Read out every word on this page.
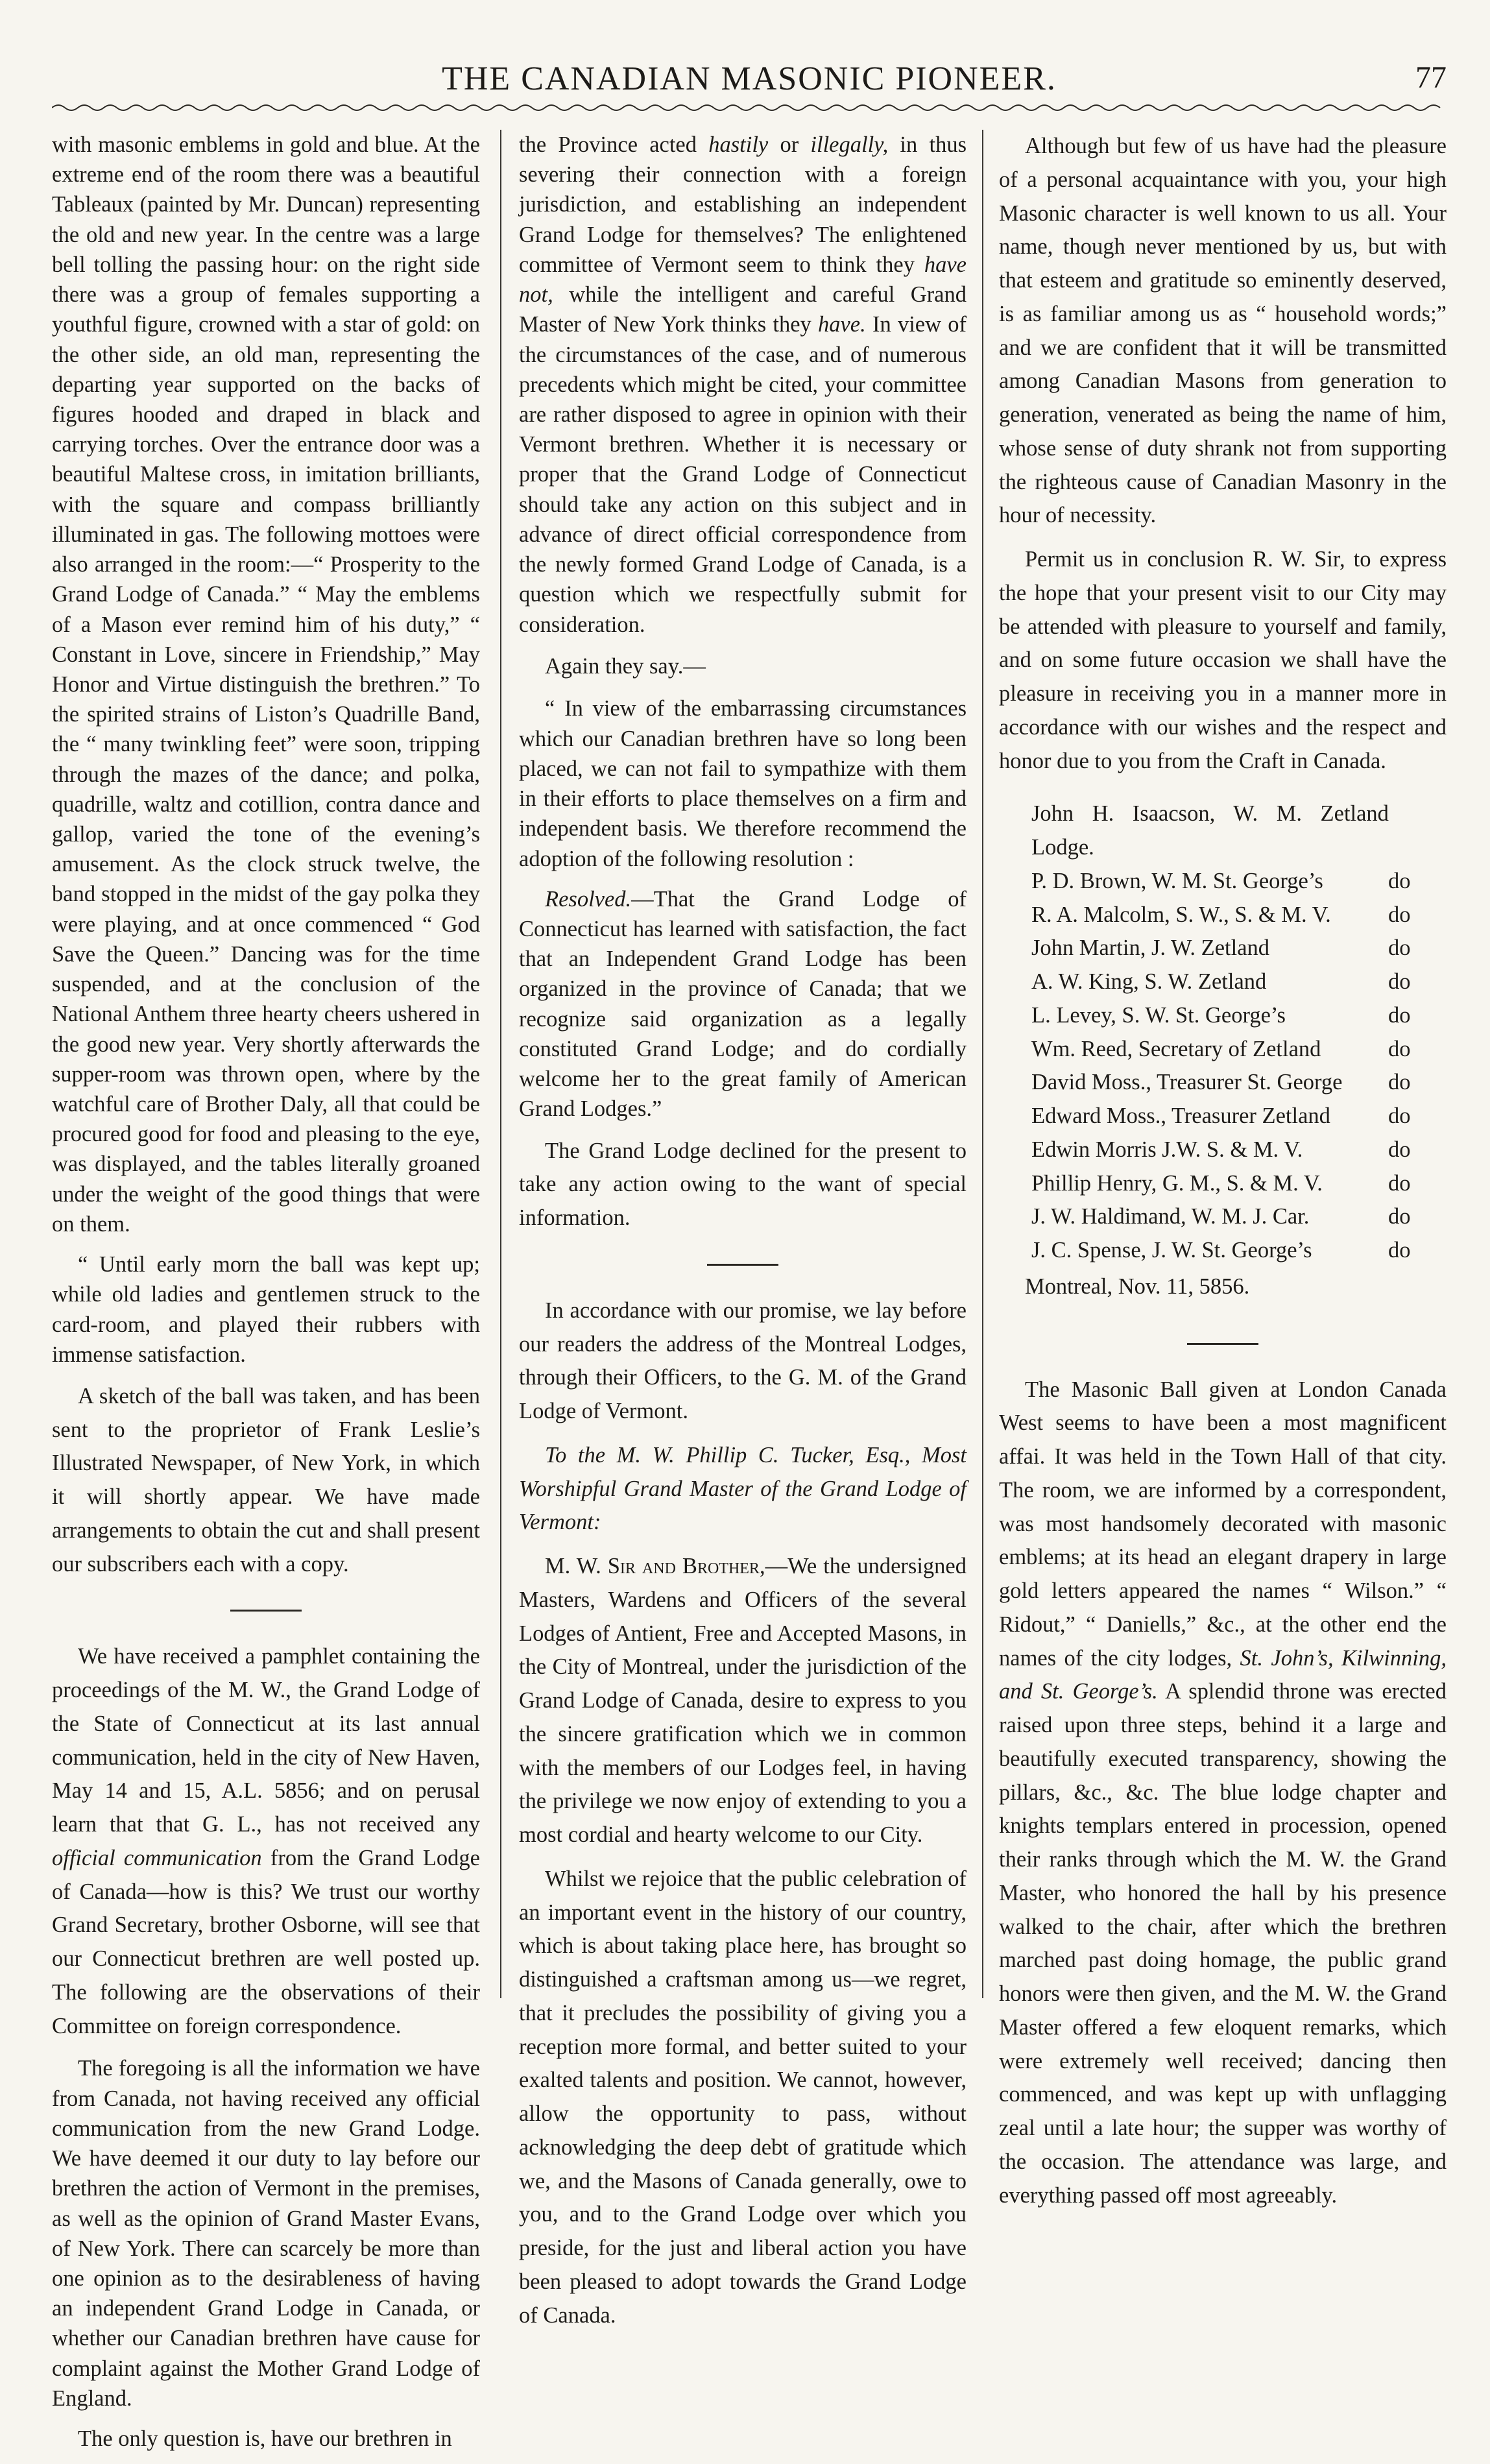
THE CANADIAN MASONIC PIONEER.	77

with masonic emblems in gold and blue. At the extreme end of the room there was a beautiful Tableaux (painted by Mr. Duncan) representing the old and new year. In the centre was a large bell tolling the passing hour: on the right side there was a group of females supporting a youthful figure, crowned with a star of gold: on the other side, an old man, representing the departing year supported on the backs of figures hooded and draped in black and carrying torches. Over the entrance door was a beautiful Maltese cross, in imitation brilliants, with the square and compass brilliantly illuminated in gas. The following mottoes were also arranged in the room:—“ Prosperity to the Grand Lodge of Canada.” “ May the emblems of a Mason ever remind him of his duty,” “ Constant in Love, sincere in Friendship,” May Honor and Virtue distinguish the brethren.” To the spirited strains of Liston’s Quadrille Band, the “ many twinkling feet” were soon, tripping through the mazes of the dance; and polka, quadrille, waltz and cotillion, contra dance and gallop, varied the tone of the evening’s amusement. As the clock struck twelve, the band stopped in the midst of the gay polka they were playing, and at once commenced “ God Save the Queen.” Dancing was for the time suspended, and at the conclusion of the National Anthem three hearty cheers ushered in the good new year. Very shortly afterwards the supper-room was thrown open, where by the watchful care of Brother Daly, all that could be procured good for food and pleasing to the eye, was displayed, and the tables literally groaned under the weight of the good things that were on them.

“ Until early morn the ball was kept up; while old ladies and gentlemen struck to the card-room, and played their rubbers with immense satisfaction.

A sketch of the ball was taken, and has been sent to the proprietor of Frank Leslie’s Illustrated Newspaper, of New York, in which it will shortly appear. We have made arrangements to obtain the cut and shall present our subscribers each with a copy.

We have received a pamphlet containing the proceedings of the M. W., the Grand Lodge of the State of Connecticut at its last annual communication, held in the city of New Haven, May 14 and 15, A.L. 5856; and on perusal learn that that G. L., has not received any official communication from the Grand Lodge of Canada—how is this? We trust our worthy Grand Secretary, brother Osborne, will see that our Connecticut brethren are well posted up. The following are the observations of their Committee on foreign correspondence.

The foregoing is all the information we have from Canada, not having received any official communication from the new Grand Lodge. We have deemed it our duty to lay before our brethren the action of Vermont in the premises, as well as the opinion of Grand Master Evans, of New York. There can scarcely be more than one opinion as to the desirableness of having an independent Grand Lodge in Canada, or whether our Canadian brethren have cause for complaint against the Mother Grand Lodge of England.

The only question is, have our brethren in

the Province acted hastily or illegally, in thus severing their connection with a foreign jurisdiction, and establishing an independent Grand Lodge for themselves? The enlightened committee of Vermont seem to think they have not, while the intelligent and careful Grand Master of New York thinks they have. In view of the circumstances of the case, and of numerous precedents which might be cited, your committee are rather disposed to agree in opinion with their Vermont brethren. Whether it is necessary or proper that the Grand Lodge of Connecticut should take any action on this subject and in advance of direct official correspondence from the newly formed Grand Lodge of Canada, is a question which we respectfully submit for consideration.

Again they say.—

“ In view of the embarrassing circumstances which our Canadian brethren have so long been placed, we can not fail to sympathize with them in their efforts to place themselves on a firm and independent basis. We therefore recommend the adoption of the following resolution :

Resolved.—That the Grand Lodge of Connecticut has learned with satisfaction, the fact that an Independent Grand Lodge has been organized in the province of Canada; that we recognize said organization as a legally constituted Grand Lodge; and do cordially welcome her to the great family of American Grand Lodges.”

The Grand Lodge declined for the present to take any action owing to the want of special information.

In accordance with our promise, we lay before our readers the address of the Montreal Lodges, through their Officers, to the G. M. of the Grand Lodge of Vermont.

To the M. W. Phillip C. Tucker, Esq., Most Worshipful Grand Master of the Grand Lodge of Vermont:

M. W. Sir and Brother,—We the undersigned Masters, Wardens and Officers of the several Lodges of Antient, Free and Accepted Masons, in the City of Montreal, under the jurisdiction of the Grand Lodge of Canada, desire to express to you the sincere gratification which we in common with the members of our Lodges feel, in having the privilege we now enjoy of extending to you a most cordial and hearty welcome to our City.

Whilst we rejoice that the public celebration of an important event in the history of our country, which is about taking place here, has brought so distinguished a craftsman among us—we regret, that it precludes the possibility of giving you a reception more formal, and better suited to your exalted talents and position. We cannot, however, allow the opportunity to pass, without acknowledging the deep debt of gratitude which we, and the Masons of Canada generally, owe to you, and to the Grand Lodge over which you preside, for the just and liberal action you have been pleased to adopt towards the Grand Lodge of Canada.

Although but few of us have had the pleasure of a personal acquaintance with you, your high Masonic character is well known to us all. Your name, though never mentioned by us, but with that esteem and gratitude so eminently deserved, is as familiar among us as “ household words;” and we are confident that it will be transmitted among Canadian Masons from generation to generation, venerated as being the name of him, whose sense of duty shrank not from supporting the righteous cause of Canadian Masonry in the hour of necessity.

Permit us in conclusion R. W. Sir, to express the hope that your present visit to our City may be attended with pleasure to yourself and family, and on some future occasion we shall have the pleasure in receiving you in a manner more in accordance with our wishes and the respect and honor due to you from the Craft in Canada.

John H. Isaacson, W. M. Zetland Lodge.
P. D. Brown, W. M. St. George’s	do
R. A. Malcolm, S. W., S. & M. V.	do
John Martin, J. W. Zetland	do
A. W. King, S. W. Zetland	do
L. Levey, S. W. St. George’s	do
Wm. Reed, Secretary of Zetland	do
David Moss., Treasurer St. George do
Edward Moss., Treasurer Zetland	do
Edwin Morris J.W. S. & M. V.	do
Phillip Henry, G. M., S. & M. V.	do
J. W. Haldimand, W. M. J. Car.	do
J. C. Spense, J. W. St. George’s	do
Montreal, Nov. 11, 5856.

The Masonic Ball given at London Canada West seems to have been a most magnificent affai. It was held in the Town Hall of that city. The room, we are informed by a correspondent, was most handsomely decorated with masonic emblems; at its head an elegant drapery in large gold letters appeared the names “ Wilson.” “ Ridout,” “ Daniells,” &c., at the other end the names of the city lodges, St. John’s, Kilwinning, and St. George’s. A splendid throne was erected raised upon three steps, behind it a large and beautifully executed transparency, showing the pillars, &c., &c. The blue lodge chapter and knights templars entered in procession, opened their ranks through which the M. W. the Grand Master, who honored the hall by his presence walked to the chair, after which the brethren marched past doing homage, the public grand honors were then given, and the M. W. the Grand Master offered a few eloquent remarks, which were extremely well received; dancing then commenced, and was kept up with unflagging zeal until a late hour; the supper was worthy of the occasion. The attendance was large, and everything passed off most agreeably.
